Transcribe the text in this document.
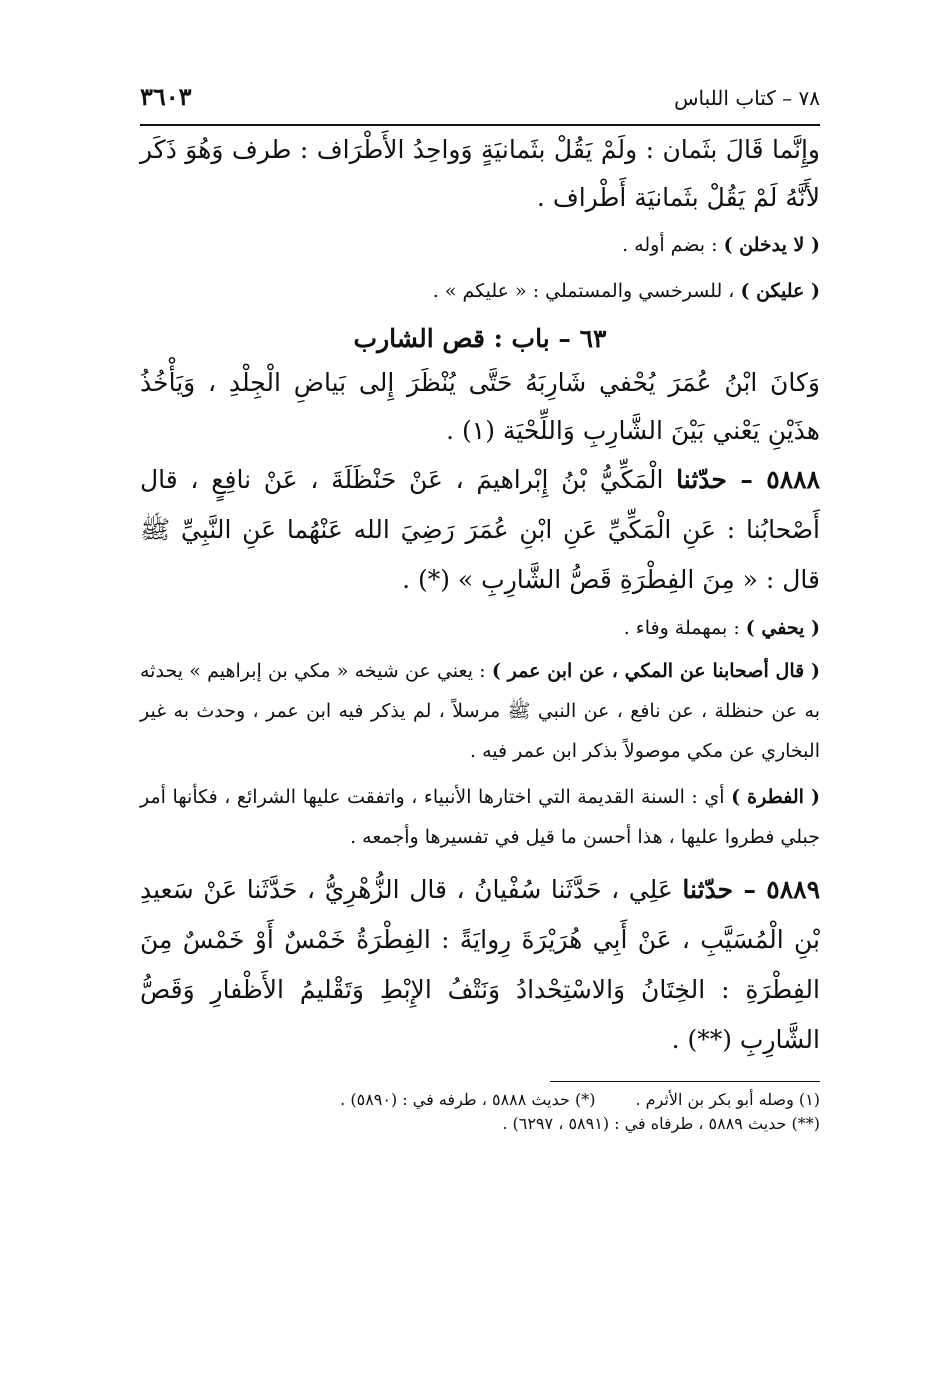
٧٨ – كتاب اللباس
٣٦٠٣
وإِنَّما قَالَ بثَمان : ولَمْ يَقُلْ بثَمانيَةٍ وَواحِدُ الأَطْرَاف : طرف وَهُوَ ذَكَر لأَنَّهُ لَمْ يَقُلْ بثَمانيَة أَطْراف .
( لا يدخلن ) : بضم أوله .
( عليكن ) ، للسرخسي والمستملي : « عليكم » .
٦٣ – باب : قص الشارب
وَكانَ ابْنُ عُمَرَ يُحْفي شَارِبَهُ حَتَّى يُنْظَرَ إِلى بَياضِ الْجِلْدِ ، وَيَأْخُذُ هذَيْنِ يَعْني بَيْنَ الشَّارِبِ وَاللِّحْيَة (١) .
٥٨٨٨ – حدّثنا الْمَكِّيُّ بْنُ إِبْراهيمَ ، عَنْ حَنْظَلَةَ ، عَنْ نافِعٍ ، قال أَصْحابُنا : عَنِ الْمَكِّيِّ عَنِ ابْنِ عُمَرَ رَضِيَ الله عَنْهُما عَنِ النَّبِيِّ ﷺ قال : « مِنَ الفِطْرَةِ قَصُّ الشَّارِبِ » (*) .
( يحفي ) : بمهملة وفاء .
( قال أصحابنا عن المكي ، عن ابن عمر ) : يعني عن شيخه « مكي بن إبراهيم » يحدثه به عن حنظلة ، عن نافع ، عن النبي ﷺ مرسلاً ، لم يذكر فيه ابن عمر ، وحدث به غير البخاري عن مكي موصولاً بذكر ابن عمر فيه .
( الفطرة ) أي : السنة القديمة التي اختارها الأنبياء ، واتفقت عليها الشرائع ، فكأنها أمر جبلي فطروا عليها ، هذا أحسن ما قيل في تفسيرها وأجمعه .
٥٨٨٩ – حدّثنا عَلِي ، حَدَّثَنا سُفْيانُ ، قال الزُّهْرِيُّ ، حَدَّثَنا عَنْ سَعيدِ بْنِ الْمُسَيَّبِ ، عَنْ أَبِي هُرَيْرَةَ رِوايَةً : الفِطْرَةُ خَمْسٌ أَوْ خَمْسٌ مِنَ الفِطْرَةِ : الخِتَانُ وَالاسْتِحْدادُ وَنَتْفُ الإِبْطِ وَتَقْليمُ الأَظْفارِ وَقَصُّ الشَّارِبِ (**) .
(١) وصله أبو بكر بن الأثرم .
(*) حديث ٥٨٨٨ ، طرفه في : (٥٨٩٠) .
(**) حديث ٥٨٨٩ ، طرفاه في : (٥٨٩١ ، ٦٢٩٧) .
